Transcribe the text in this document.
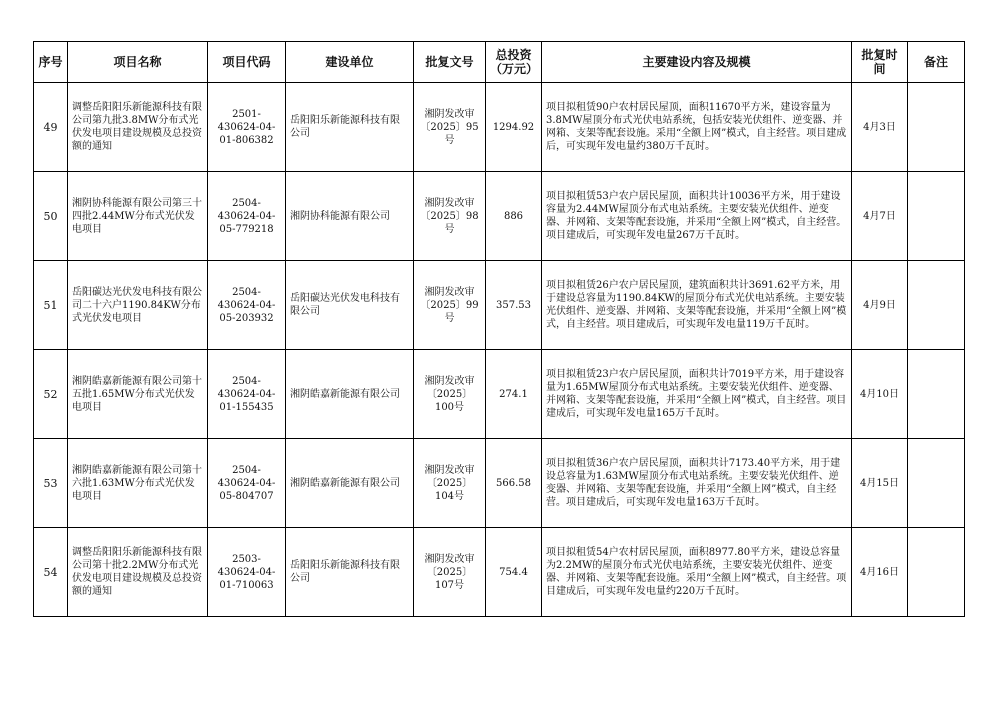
序号	项目名称	项目代码	建设单位	批复文号	总投资（万元）	主要建设内容及规模	批复时间	备注
49	调整岳阳阳乐新能源科技有限公司第九批3.8MW分布式光伏发电项目建设规模及总投资额的通知	2501-430624-04-01-806382	岳阳阳乐新能源科技有限公司	湘阴发改审〔2025〕95号	1294.92	项目拟租赁90户农村居民屋顶，面积11670平方米，建设容量为3.8MW屋顶分布式光伏电站系统，包括安装光伏组件、逆变器、并网箱、支架等配套设施。采用“全额上网”模式，自主经营。项目建成后，可实现年发电量约380万千瓦时。	4月3日	
50	湘阴协科能源有限公司第三十四批2.44MW分布式光伏发电项目	2504-430624-04-05-779218	湘阴协科能源有限公司	湘阴发改审〔2025〕98号	886	项目拟租赁53户农户居民屋顶，面积共计10036平方米，用于建设容量为2.44MW屋顶分布式电站系统。主要安装光伏组件、逆变器、并网箱、支架等配套设施，并采用“全额上网”模式，自主经营。项目建成后，可实现年发电量267万千瓦时。	4月7日	
51	岳阳碳达光伏发电科技有限公司二十六户1190.84KW分布式光伏发电项目	2504-430624-04-05-203932	岳阳碳达光伏发电科技有限公司	湘阴发改审〔2025〕99号	357.53	项目拟租赁26户农户居民屋顶，建筑面积共计3691.62平方米，用于建设总容量为1190.84KW的屋顶分布式光伏电站系统。主要安装光伏组件、逆变器、并网箱、支架等配套设施，并采用“全额上网”模式，自主经营。项目建成后，可实现年发电量119万千瓦时。	4月9日	
52	湘阴皓嘉新能源有限公司第十五批1.65MW分布式光伏发电项目	2504-430624-04-01-155435	湘阴皓嘉新能源有限公司	湘阴发改审〔2025〕100号	274.1	项目拟租赁23户农户居民屋顶，面积共计7019平方米，用于建设容量为1.65MW屋顶分布式电站系统。主要安装光伏组件、逆变器、并网箱、支架等配套设施，并采用“全额上网”模式，自主经营。项目建成后，可实现年发电量165万千瓦时。	4月10日	
53	湘阴皓嘉新能源有限公司第十六批1.63MW分布式光伏发电项目	2504-430624-04-05-804707	湘阴皓嘉新能源有限公司	湘阴发改审〔2025〕104号	566.58	项目拟租赁36户农户居民屋顶，面积共计7173.40平方米，用于建设总容量为1.63MW屋顶分布式电站系统。主要安装光伏组件、逆变器、并网箱、支架等配套设施，并采用“全额上网”模式，自主经营。项目建成后，可实现年发电量163万千瓦时。	4月15日	
54	调整岳阳阳乐新能源科技有限公司第十批2.2MW分布式光伏发电项目建设规模及总投资额的通知	2503-430624-04-01-710063	岳阳阳乐新能源科技有限公司	湘阴发改审〔2025〕107号	754.4	项目拟租赁54户农村居民屋顶，面积8977.80平方米，建设总容量为2.2MW的屋顶分布式光伏电站系统，主要安装光伏组件、逆变器、并网箱、支架等配套设施。采用“全额上网”模式，自主经营。项目建成后，可实现年发电量约220万千瓦时。	4月16日	
